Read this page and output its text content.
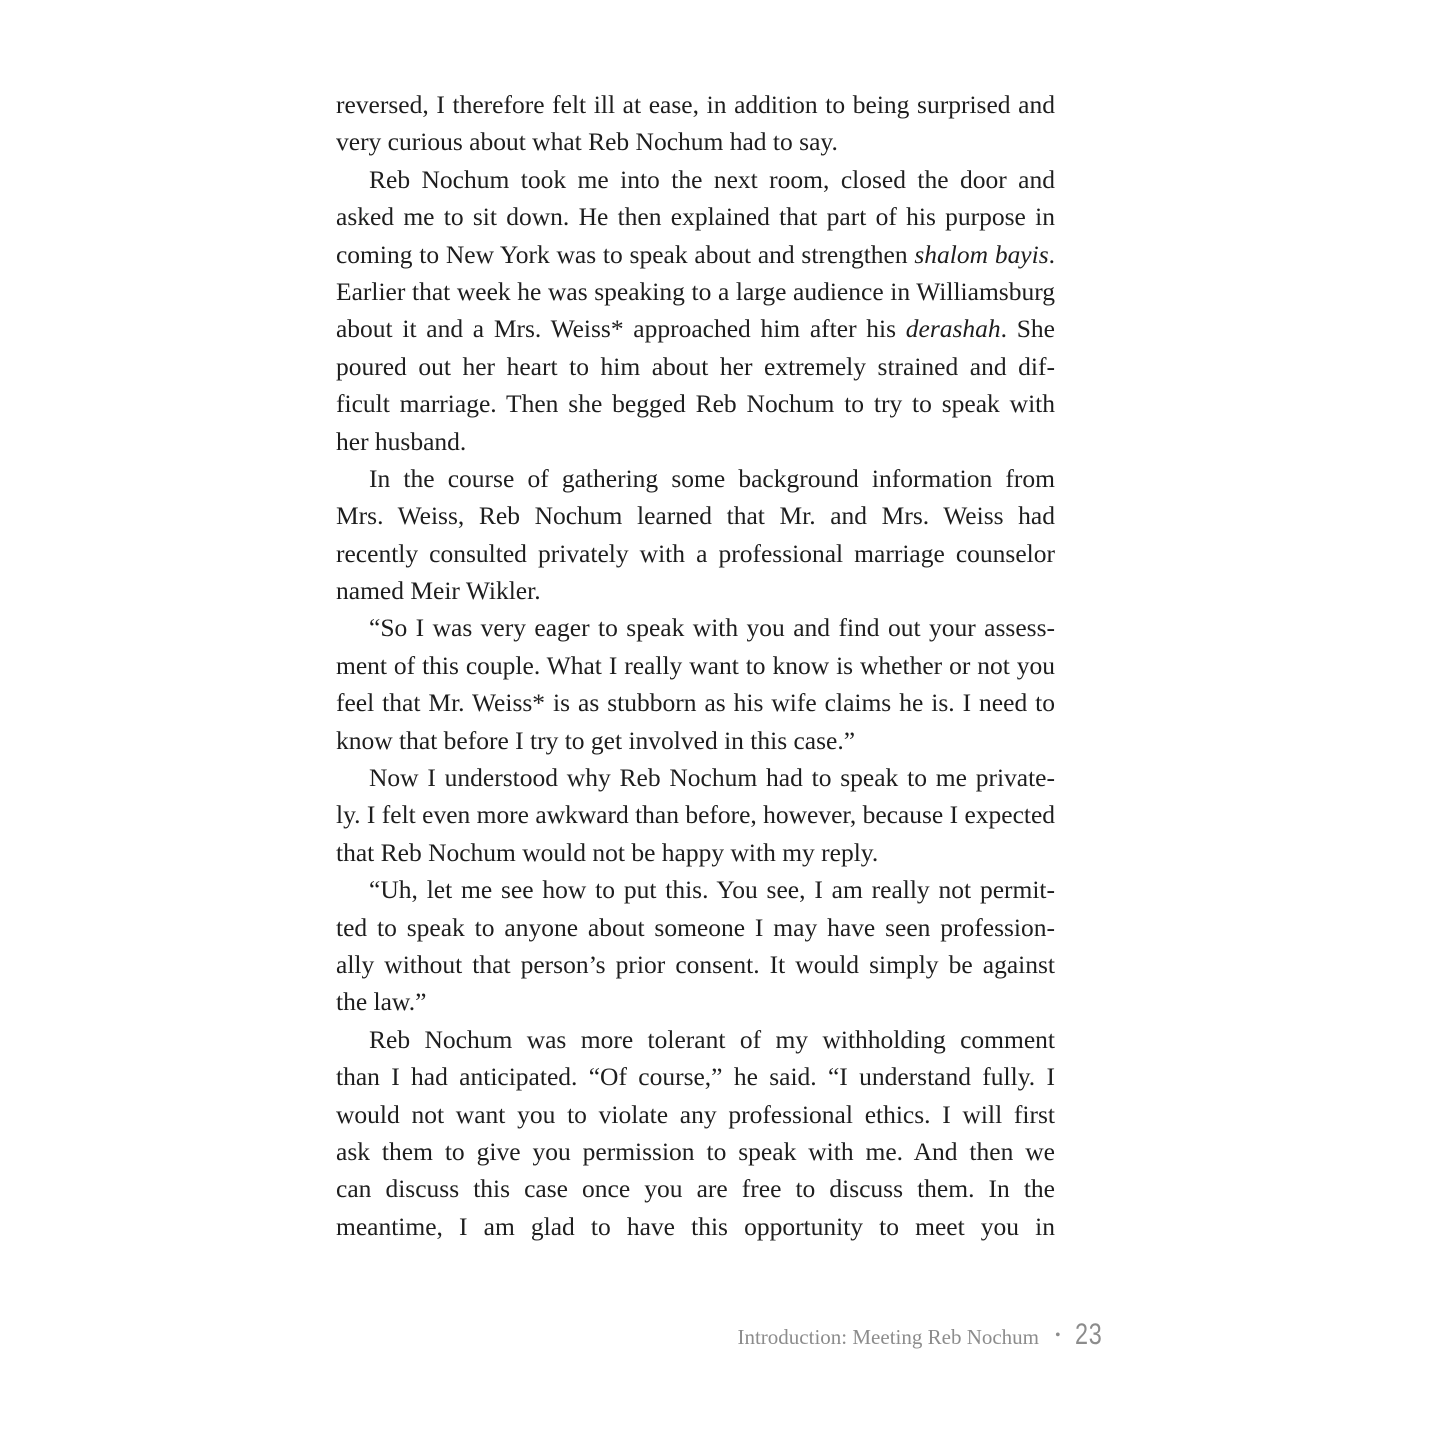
reversed, I therefore felt ill at ease, in addition to being surprised and
very curious about what Reb Nochum had to say.
Reb Nochum took me into the next room, closed the door and
asked me to sit down. He then explained that part of his purpose in
coming to New York was to speak about and strengthen shalom bayis.
Earlier that week he was speaking to a large audience in Williamsburg
about it and a Mrs. Weiss* approached him after his derashah. She
poured out her heart to him about her extremely strained and dif-
ficult marriage. Then she begged Reb Nochum to try to speak with
her husband.
In the course of gathering some background information from
Mrs. Weiss, Reb Nochum learned that Mr. and Mrs. Weiss had
recently consulted privately with a professional marriage counselor
named Meir Wikler.
“So I was very eager to speak with you and find out your assess-
ment of this couple. What I really want to know is whether or not you
feel that Mr. Weiss* is as stubborn as his wife claims he is. I need to
know that before I try to get involved in this case.”
Now I understood why Reb Nochum had to speak to me private-
ly. I felt even more awkward than before, however, because I expected
that Reb Nochum would not be happy with my reply.
“Uh, let me see how to put this. You see, I am really not permit-
ted to speak to anyone about someone I may have seen profession-
ally without that person’s prior consent. It would simply be against
the law.”
Reb Nochum was more tolerant of my withholding comment
than I had anticipated. “Of course,” he said. “I understand fully. I
would not want you to violate any professional ethics. I will first
ask them to give you permission to speak with me. And then we
can discuss this case once you are free to discuss them. In the
meantime, I am glad to have this opportunity to meet you in
Introduction: Meeting Reb Nochum • 23
